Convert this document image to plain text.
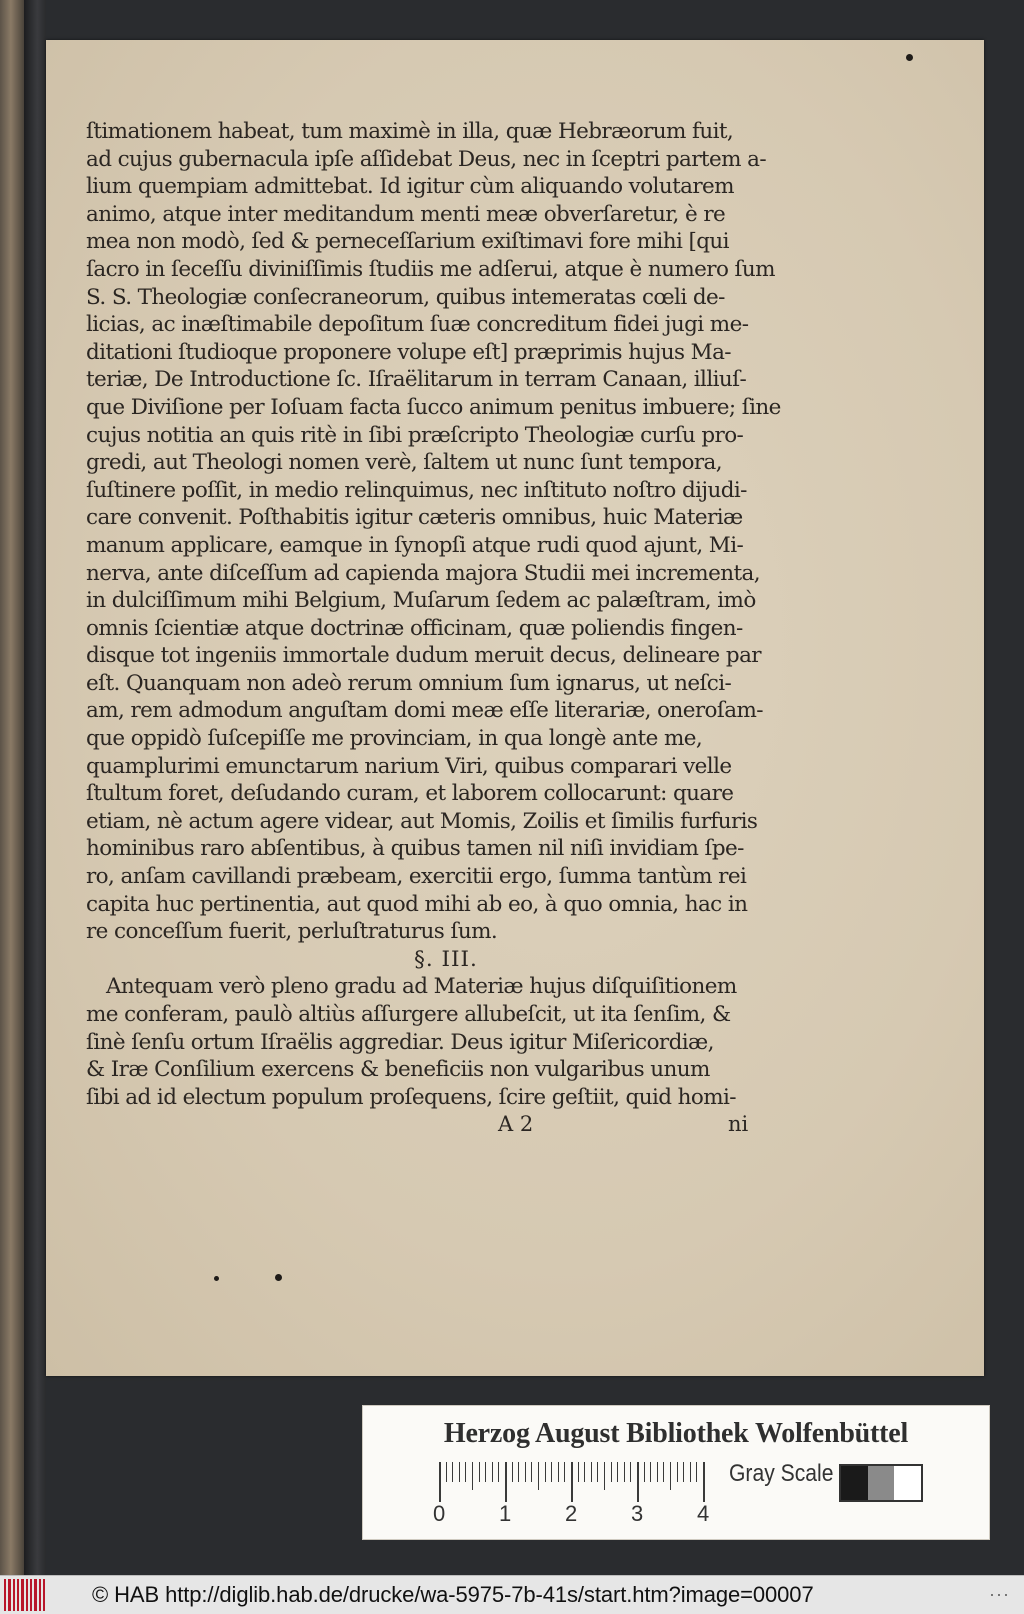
ſtimationem habeat, tum maximè in illa, quæ Hebræorum fuit,
ad cujus gubernacula ipſe aſſidebat Deus, nec in ſceptri partem a-
lium quempiam admittebat. Id igitur cùm aliquando volutarem
animo, atque inter meditandum menti meæ obverſaretur, è re
mea non modò, ſed & perneceſſarium exiſtimavi fore mihi [qui
ſacro in ſeceſſu diviniſſimis ſtudiis me adſerui, atque è numero ſum
S. S. Theologiæ conſecraneorum, quibus intemeratas cœli de-
licias, ac inæſtimabile depoſitum ſuæ concreditum fidei jugi me-
ditationi ſtudioque proponere volupe eſt] præprimis hujus Ma-
teriæ, De Introductione ſc. Iſraëlitarum in terram Canaan, illiuſ-
que Diviſione per Ioſuam facta ſucco animum penitus imbuere; ſine
cujus notitia an quis ritè in ſibi præſcripto Theologiæ curſu pro-
gredi, aut Theologi nomen verè, ſaltem ut nunc ſunt tempora,
ſuſtinere poſſit, in medio relinquimus, nec inſtituto noſtro dijudi-
care convenit. Poſthabitis igitur cæteris omnibus, huic Materiæ
manum applicare, eamque in ſynopſi atque rudi quod ajunt, Mi-
nerva, ante diſceſſum ad capienda majora Studii mei incrementa,
in dulciſſimum mihi Belgium, Muſarum ſedem ac palæſtram, imò
omnis ſcientiæ atque doctrinæ officinam, quæ poliendis fingen-
disque tot ingeniis immortale dudum meruit decus, delineare par
eſt. Quanquam non adeò rerum omnium ſum ignarus, ut neſci-
am, rem admodum anguſtam domi meæ eſſe literariæ, oneroſam-
que oppidò ſuſcepiſſe me provinciam, in qua longè ante me,
quamplurimi emunctarum narium Viri, quibus comparari velle
ſtultum foret, deſudando curam, et laborem collocarunt: quare
etiam, nè actum agere videar, aut Momis, Zoilis et ſimilis furfuris
hominibus raro abſentibus, à quibus tamen nil niſi invidiam ſpe-
ro, anſam cavillandi præbeam, exercitii ergo, ſumma tantùm rei
capita huc pertinentia, aut quod mihi ab eo, à quo omnia, hac in
re conceſſum fuerit, perluſtraturus ſum.
§. III.
Antequam verò pleno gradu ad Materiæ hujus diſquiſitionem
me conferam, paulò altiùs aſſurgere allubeſcit, ut ita ſenſim, &
ſinè ſenſu ortum Iſraëlis aggrediar. Deus igitur Miſericordiæ,
& Iræ Conſilium exercens & beneficiis non vulgaribus unum
ſibi ad id electum populum proſequens, ſcire geſtiit, quid homi-
A 2	ni
Herzog August Bibliothek Wolfenbüttel
0 1 2 3 4
Gray Scale
© HAB http://diglib.hab.de/drucke/wa-5975-7b-41s/start.htm?image=00007	···
